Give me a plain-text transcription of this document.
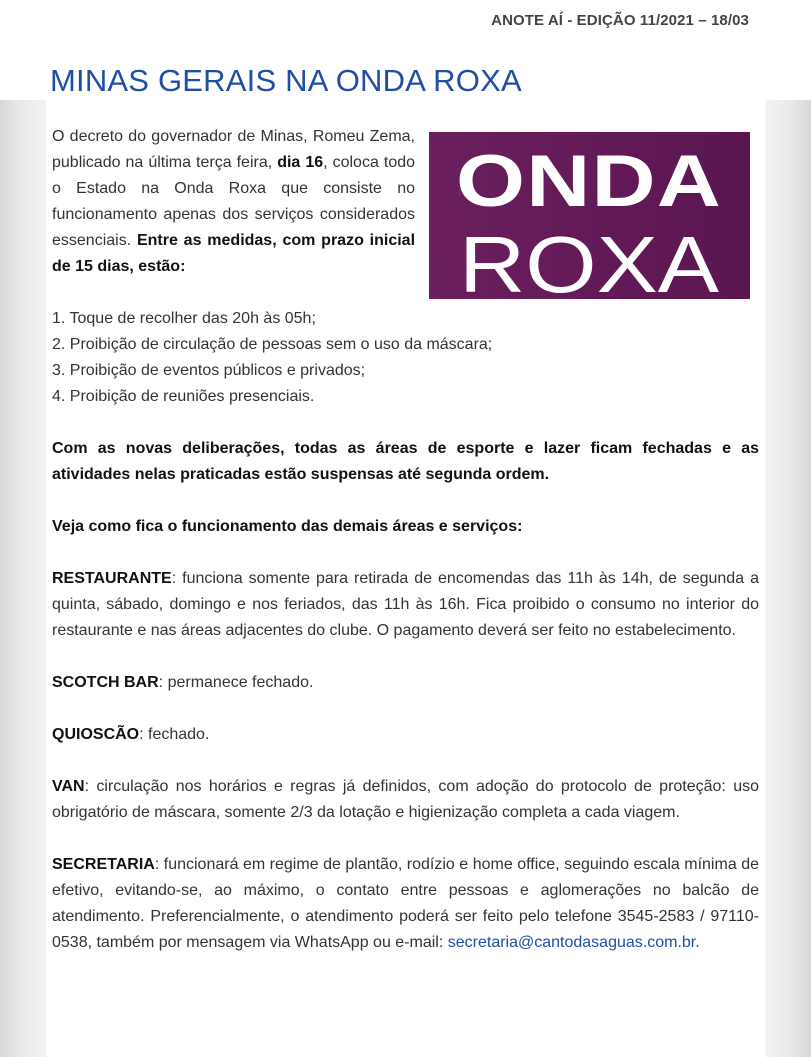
ANOTE AÍ - EDIÇÃO 11/2021 – 18/03
MINAS GERAIS NA ONDA ROXA
ONDA
ROXA

O decreto do governador de Minas, Romeu Zema, publicado na última terça feira, dia 16, coloca todo o Estado na Onda Roxa que consiste no funcionamento apenas dos serviços considerados essenciais. Entre as medidas, com prazo inicial de 15 dias, estão:

1. Toque de recolher das 20h às 05h;
2. Proibição de circulação de pessoas sem o uso da máscara;
3. Proibição de eventos públicos e privados;
4. Proibição de reuniões presenciais.

Com as novas deliberações, todas as áreas de esporte e lazer ficam fechadas e as atividades nelas praticadas estão suspensas até segunda ordem.

Veja como fica o funcionamento das demais áreas e serviços:

RESTAURANTE: funciona somente para retirada de encomendas das 11h às 14h, de segunda a quinta, sábado, domingo e nos feriados, das 11h às 16h. Fica proibido o consumo no interior do restaurante e nas áreas adjacentes do clube. O pagamento deverá ser feito no estabelecimento.

SCOTCH BAR: permanece fechado.

QUIOSCÃO: fechado.

VAN: circulação nos horários e regras já definidos, com adoção do protocolo de proteção: uso obrigatório de máscara, somente 2/3 da lotação e higienização completa a cada viagem.

SECRETARIA: funcionará em regime de plantão, rodízio e home office, seguindo escala mínima de efetivo, evitando-se, ao máximo, o contato entre pessoas e aglomerações no balcão de atendimento. Preferencialmente, o atendimento poderá ser feito pelo telefone 3545-2583 / 97110-0538, também por mensagem via WhatsApp ou e-mail: secretaria@cantodasaguas.com.br.
